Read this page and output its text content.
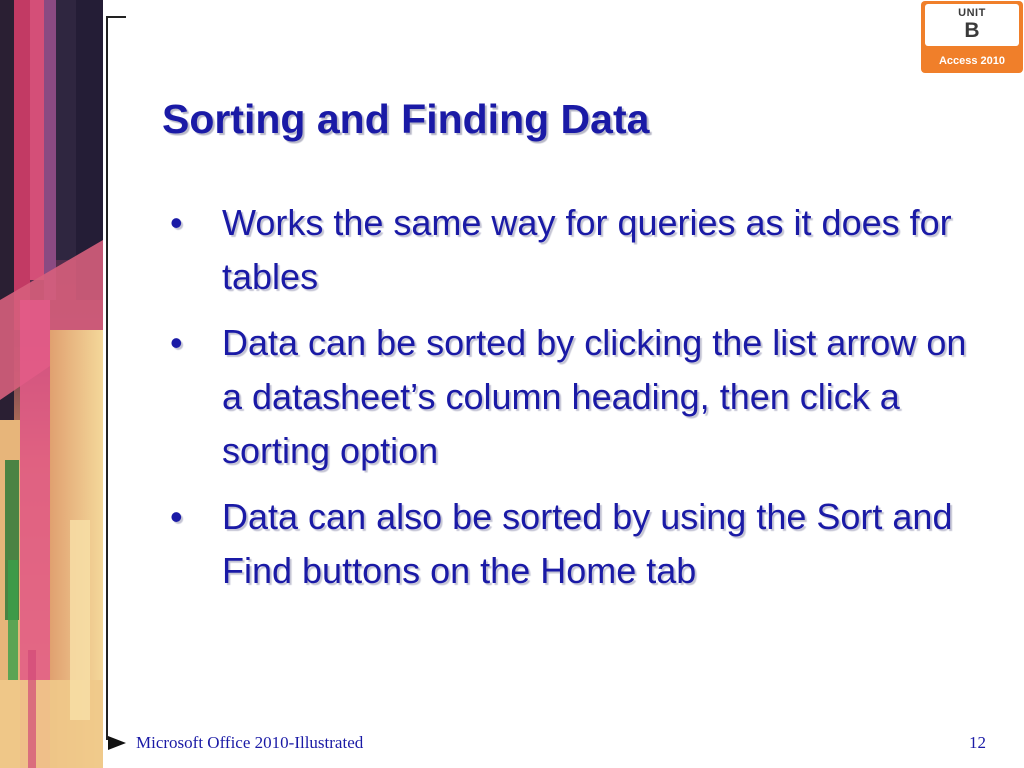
UNIT
B
Access 2010
Sorting and Finding Data
• Works the same way for queries as it does for tables
• Data can be sorted by clicking the list arrow on a datasheet’s column heading, then click a sorting option
• Data can also be sorted by using the Sort and Find buttons on the Home tab
Microsoft Office 2010-Illustrated	12
